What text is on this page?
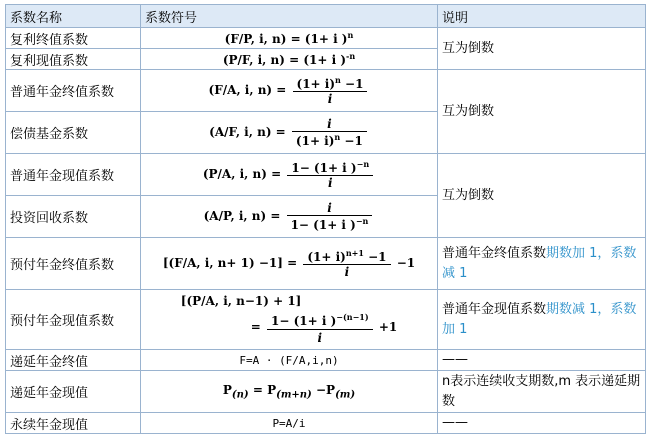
系数名称	系数符号	说明
复利终值系数	(F/P, i, n) = (1+ i )$^n$	互为倒数
复利现值系数	(P/F, i, n) = (1+ i )$^{-n}$
普通年金终值系数	(F/A, i, $n) = \frac{(1+ i)^n -1}{i}$	互为倒数
偿债基金系数	(A/F, i, $n) = \frac{i}{(1+ i)^n -1}$

普通年金现值系数	(P/A, i, $n) = \frac{1- (1+ i )^{-n}}{i}$	互为倒数
投资回收系数	(A/P, i, $n) = \frac{i}{1- (1+ i )^{-n}}$

预付年金终值系数	[(F/A, i, $n+ 1) -1] = \frac{(1+ i)^{n+1} -1}{i} -1$	普通年金终值系数期数加 1，系数减 1
预付年金现值系数	[(P/A, i, n−1) + 1]
= $\frac{1- (1+ i )^{-(n-1)}}{i} +1$	普通年金现值系数期数减 1，系数加 1
递延年金终值	F=A · (F/A,i,n)	——
递延年金现值	$P_{(n)} = P_{(m+n)} -P_{(m)}$	n表示连续收支期数,m 表示递延期数
永续年金现值	P=A/i	——
